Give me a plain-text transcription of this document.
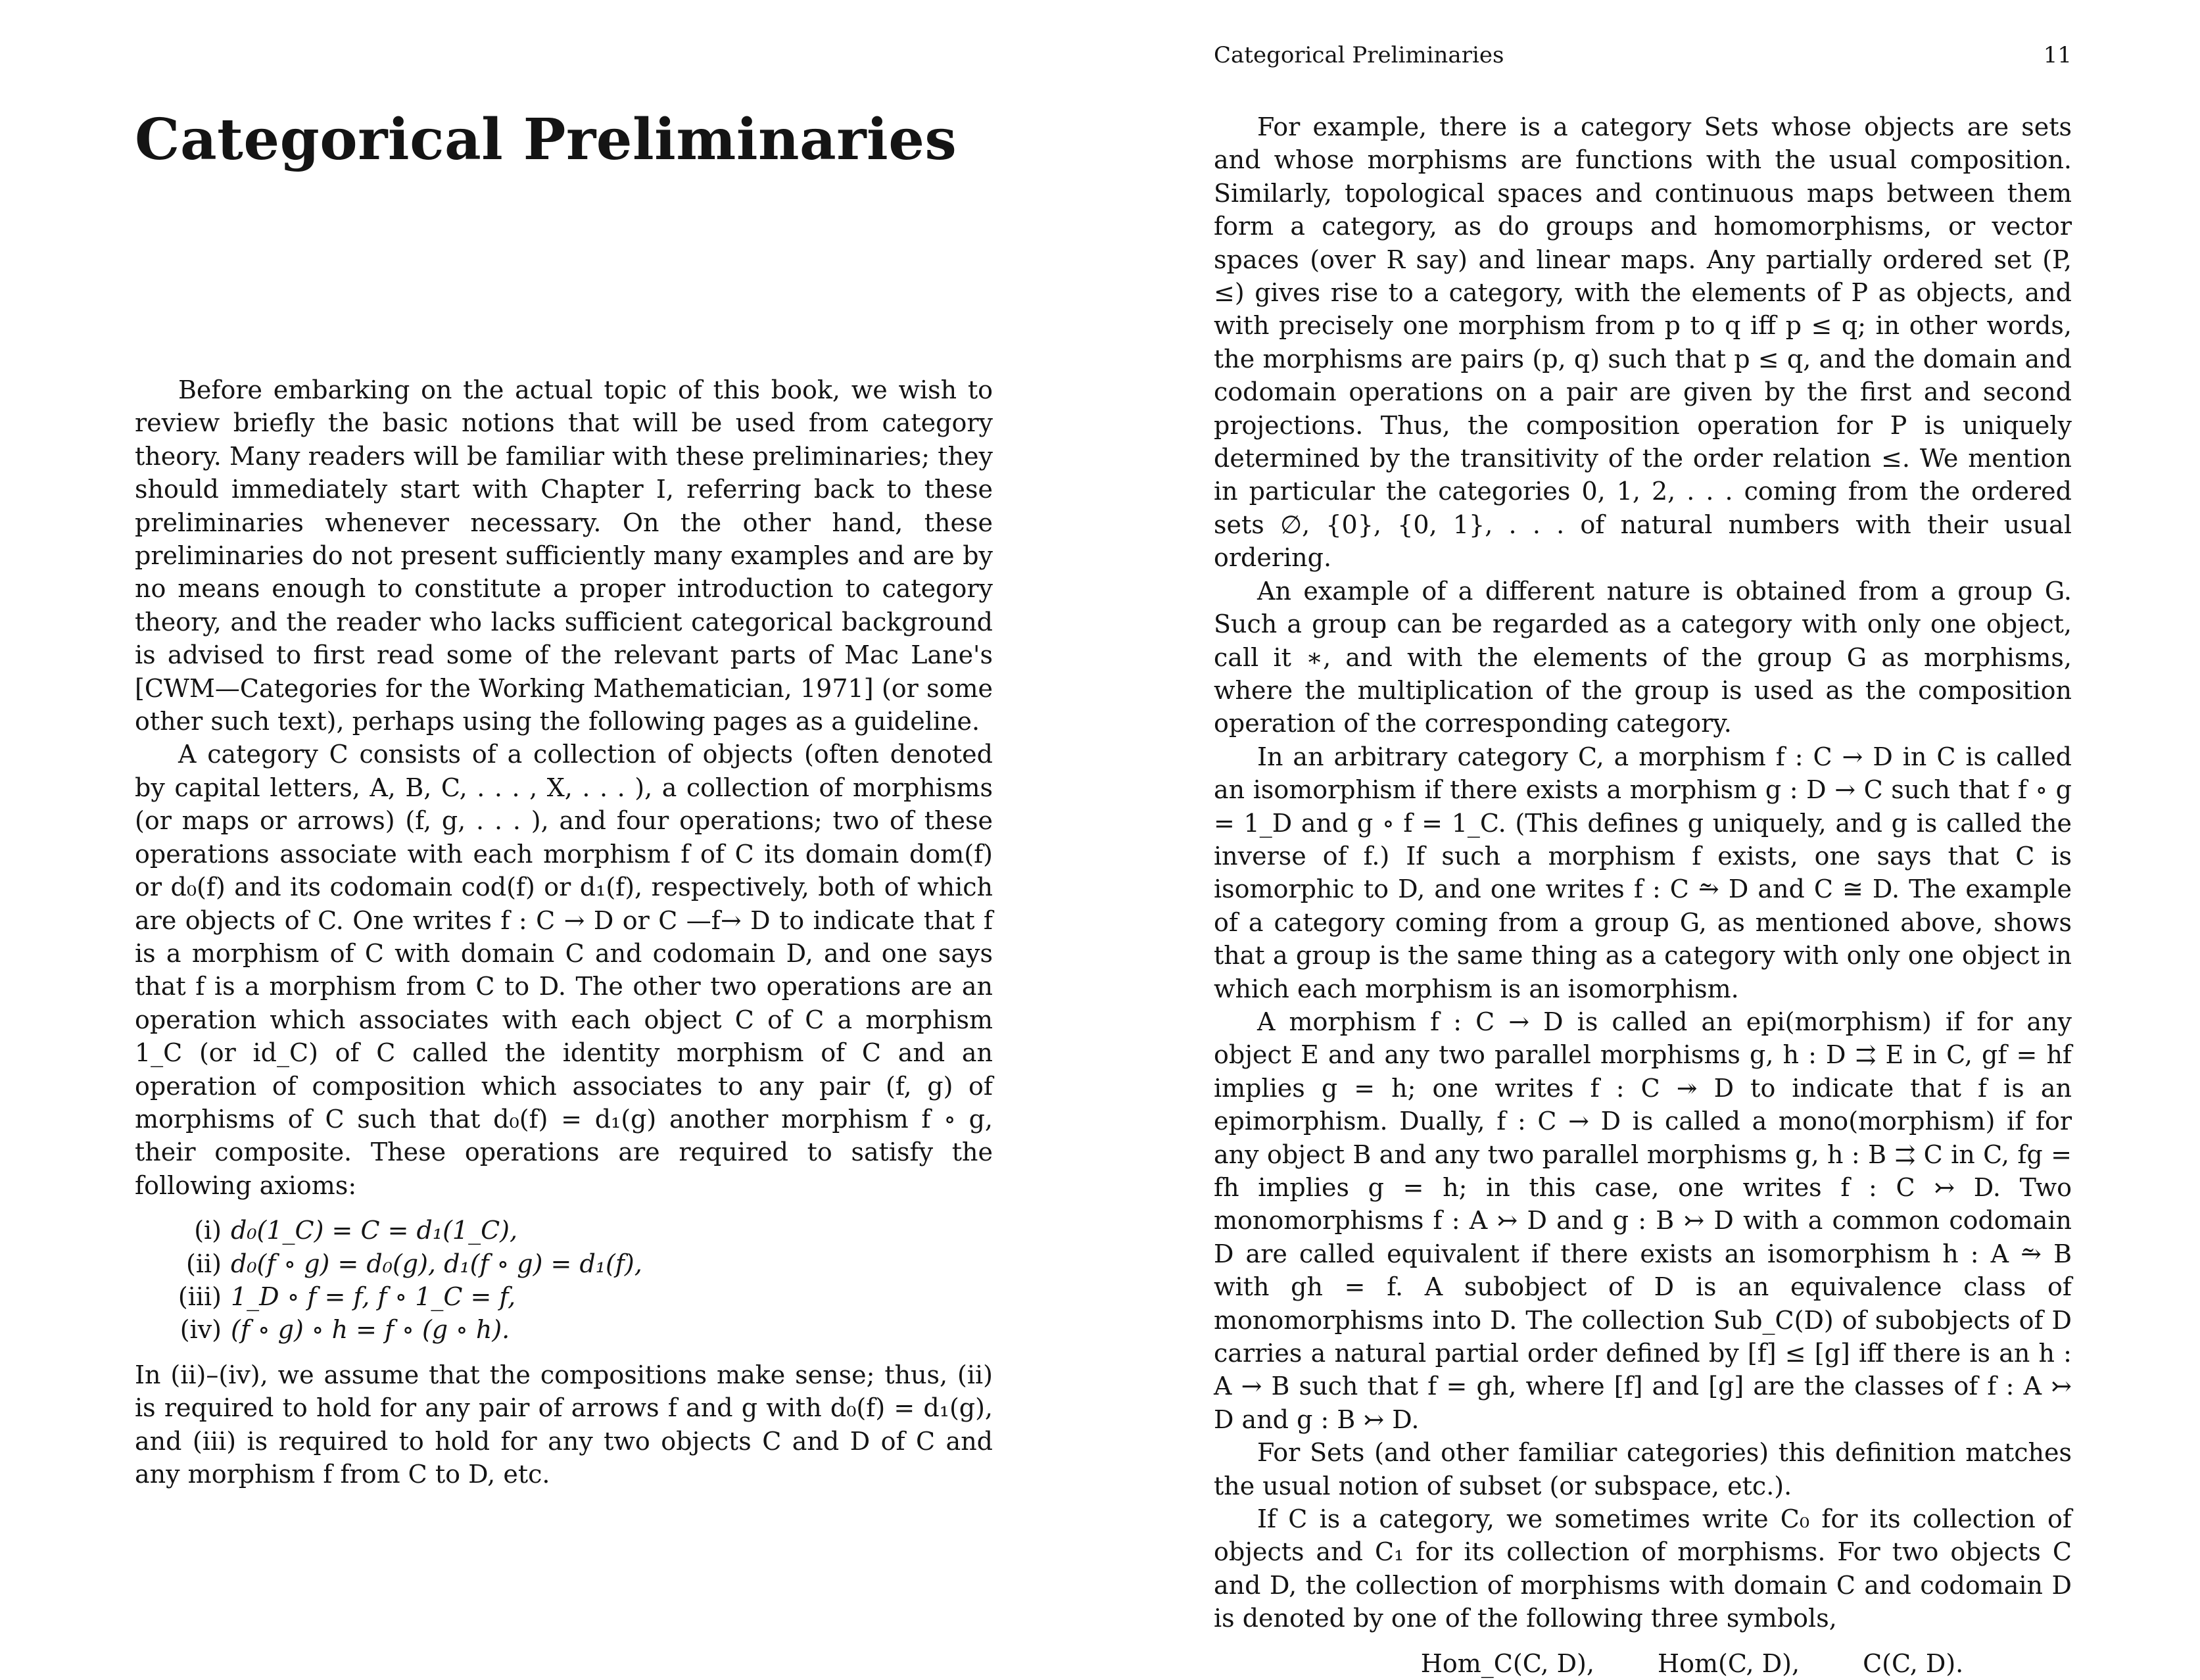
Categorical Preliminaries

Before embarking on the actual topic of this book, we wish to review briefly the basic notions that will be used from category theory. Many readers will be familiar with these preliminaries; they should immediately start with Chapter I, referring back to these preliminaries whenever necessary. On the other hand, these preliminaries do not present sufficiently many examples and are by no means enough to constitute a proper introduction to category theory, and the reader who lacks sufficient categorical background is advised to first read some of the relevant parts of Mac Lane's [CWM—Categories for the Working Mathematician, 1971] (or some other such text), perhaps using the following pages as a guideline.

A category C consists of a collection of objects (often denoted by capital letters, A, B, C, . . . , X, . . . ), a collection of morphisms (or maps or arrows) (f, g, . . . ), and four operations; two of these operations associate with each morphism f of C its domain dom(f) or d₀(f) and its codomain cod(f) or d₁(f), respectively, both of which are objects of C. One writes f : C → D or C —f→ D to indicate that f is a morphism of C with domain C and codomain D, and one says that f is a morphism from C to D. The other two operations are an operation which associates with each object C of C a morphism 1_C (or id_C) of C called the identity morphism of C and an operation of composition which associates to any pair (f, g) of morphisms of C such that d₀(f) = d₁(g) another morphism f ∘ g, their composite. These operations are required to satisfy the following axioms:

(i) d₀(1_C) = C = d₁(1_C),
(ii) d₀(f ∘ g) = d₀(g), d₁(f ∘ g) = d₁(f),
(iii) 1_D ∘ f = f, f ∘ 1_C = f,
(iv) (f ∘ g) ∘ h = f ∘ (g ∘ h).

In (ii)–(iv), we assume that the compositions make sense; thus, (ii) is required to hold for any pair of arrows f and g with d₀(f) = d₁(g), and (iii) is required to hold for any two objects C and D of C and any morphism f from C to D, etc.

Categorical Preliminaries	11

For example, there is a category Sets whose objects are sets and whose morphisms are functions with the usual composition. Similarly, topological spaces and continuous maps between them form a category, as do groups and homomorphisms, or vector spaces (over R say) and linear maps. Any partially ordered set (P, ≤) gives rise to a category, with the elements of P as objects, and with precisely one morphism from p to q iff p ≤ q; in other words, the morphisms are pairs (p, q) such that p ≤ q, and the domain and codomain operations on a pair are given by the first and second projections. Thus, the composition operation for P is uniquely determined by the transitivity of the order relation ≤. We mention in particular the categories 0, 1, 2, . . . coming from the ordered sets ∅, {0}, {0, 1}, . . . of natural numbers with their usual ordering.

An example of a different nature is obtained from a group G. Such a group can be regarded as a category with only one object, call it ∗, and with the elements of the group G as morphisms, where the multiplication of the group is used as the composition operation of the corresponding category.

In an arbitrary category C, a morphism f : C → D in C is called an isomorphism if there exists a morphism g : D → C such that f ∘ g = 1_D and g ∘ f = 1_C. (This defines g uniquely, and g is called the inverse of f.) If such a morphism f exists, one says that C is isomorphic to D, and one writes f : C ⥲ D and C ≅ D. The example of a category coming from a group G, as mentioned above, shows that a group is the same thing as a category with only one object in which each morphism is an isomorphism.

A morphism f : C → D is called an epi(morphism) if for any object E and any two parallel morphisms g, h : D ⇉ E in C, gf = hf implies g = h; one writes f : C ↠ D to indicate that f is an epimorphism. Dually, f : C → D is called a mono(morphism) if for any object B and any two parallel morphisms g, h : B ⇉ C in C, fg = fh implies g = h; in this case, one writes f : C ↣ D. Two monomorphisms f : A ↣ D and g : B ↣ D with a common codomain D are called equivalent if there exists an isomorphism h : A ⥲ B with gh = f. A subobject of D is an equivalence class of monomorphisms into D. The collection Sub_C(D) of subobjects of D carries a natural partial order defined by [f] ≤ [g] iff there is an h : A → B such that f = gh, where [f] and [g] are the classes of f : A ↣ D and g : B ↣ D.

For Sets (and other familiar categories) this definition matches the usual notion of subset (or subspace, etc.).

If C is a category, we sometimes write C₀ for its collection of objects and C₁ for its collection of morphisms. For two objects C and D, the collection of morphisms with domain C and codomain D is denoted by one of the following three symbols,

Hom_C(C, D),	Hom(C, D),	C(C, D).
